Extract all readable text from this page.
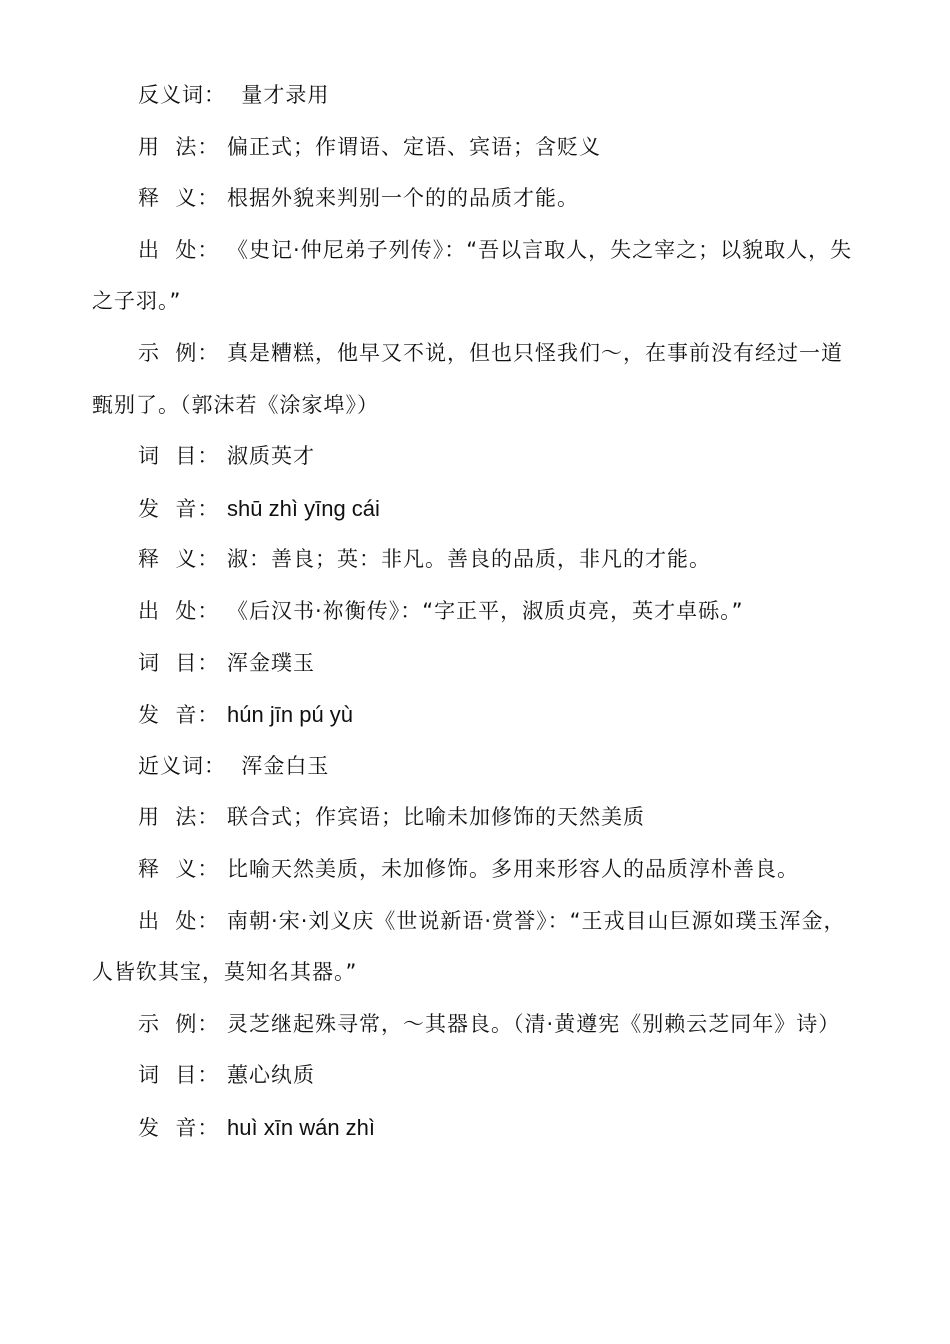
反义词： 量才录用
用  法： 偏正式；作谓语、定语、宾语；含贬义
释  义： 根据外貌来判别一个的的品质才能。
出  处： 《史记·仲尼弟子列传》：“吾以言取人，失之宰之；以貌取人，失之子羽。”
示  例： 真是糟糕，他早又不说，但也只怪我们～，在事前没有经过一道甄别了。（郭沫若《涂家埠》）
词  目： 淑质英才
发  音： shū zhì yīng cái
释  义： 淑：善良；英：非凡。善良的品质，非凡的才能。
出  处： 《后汉书·祢衡传》：“字正平，淑质贞亮，英才卓砾。”
词  目： 浑金璞玉
发  音： hún jīn pú yù
近义词： 浑金白玉
用  法： 联合式；作宾语；比喻未加修饰的天然美质
释  义： 比喻天然美质，未加修饰。多用来形容人的品质淳朴善良。
出  处： 南朝·宋·刘义庆《世说新语·赏誉》：“王戎目山巨源如璞玉浑金，人皆钦其宝，莫知名其器。”
示  例： 灵芝继起殊寻常，～其器良。（清·黄遵宪《别赖云芝同年》诗）
词  目： 蕙心纨质
发  音： huì xīn wán zhì
